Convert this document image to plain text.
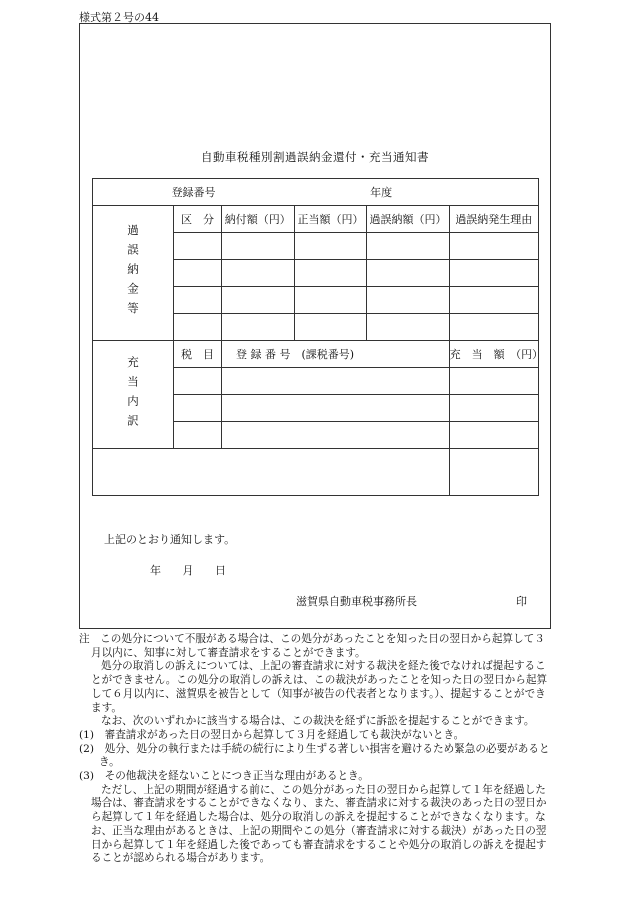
様式第２号の44
自動車税種別割過誤納金還付・充当通知書
登録番号			年度		

過誤納金等	区　分	納付額（円）	正当額（円）	過誤納額（円）	過誤納発生理由

充当内訳	税　目	登 録 番 号　(課税番号)			充　当　額　（円）

上記のとおり通知します。
年 月 日
滋賀県自動車税事務所長	印

注　この処分について不服がある場合は、この処分があったことを知った日の翌日から起算して３月以内に、知事に対して審査請求をすることができます。

処分の取消しの訴えについては、上記の審査請求に対する裁決を経た後でなければ提起することができません。この処分の取消しの訴えは、この裁決があったことを知った日の翌日から起算して６月以内に、滋賀県を被告として（知事が被告の代表者となります。）、提起することができます。

なお、次のいずれかに該当する場合は、この裁決を経ずに訴訟を提起することができます。

(1)　審査請求があった日の翌日から起算して３月を経過しても裁決がないとき。

(2)　処分、処分の執行または手続の続行により生ずる著しい損害を避けるため緊急の必要があるとき。

(3)　その他裁決を経ないことにつき正当な理由があるとき。

ただし、上記の期間が経過する前に、この処分があった日の翌日から起算して１年を経過した場合は、審査請求をすることができなくなり、また、審査請求に対する裁決のあった日の翌日から起算して１年を経過した場合は、処分の取消しの訴えを提起することができなくなります。なお、正当な理由があるときは、上記の期間やこの処分（審査請求に対する裁決）があった日の翌日から起算して１年を経過した後であっても審査請求をすることや処分の取消しの訴えを提起することが認められる場合があります。
